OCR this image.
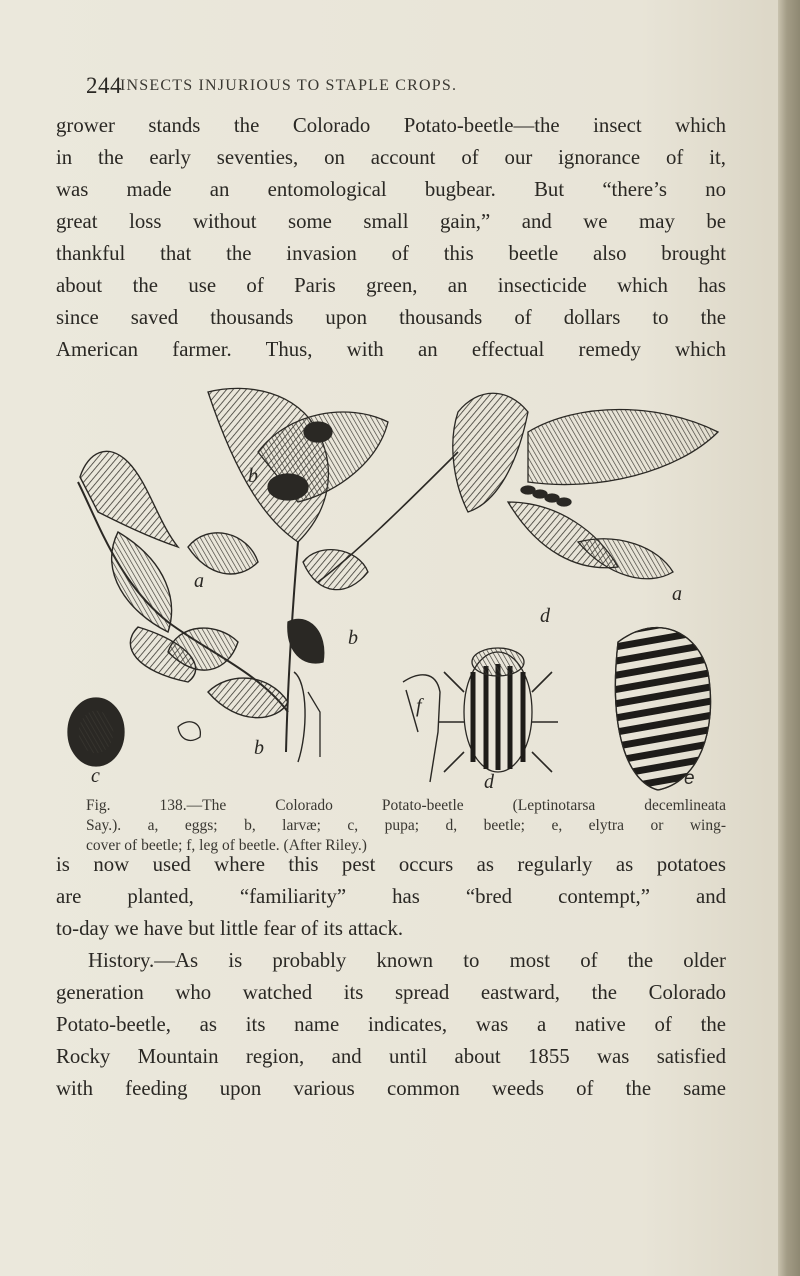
244
INSECTS INJURIOUS TO STAPLE CROPS.
grower stands the Colorado Potato-beetle—the insect which
in the early seventies, on account of our ignorance of it,
was made an entomological bugbear. But “there’s no
great loss without some small gain,” and we may be
thankful that the invasion of this beetle also brought
about the use of Paris green, an insecticide which has
since saved thousands upon thousands of dollars to the
American farmer. Thus, with an effectual remedy which
a
b
b
b
c
d
d
a
e
f
Fig. 138.—The Colorado Potato-beetle (Leptinotarsa decemlineata
Say.). a, eggs; b, larvæ; c, pupa; d, beetle; e, elytra or wing-
cover of beetle; f, leg of beetle. (After Riley.)
is now used where this pest occurs as regularly as potatoes
are planted, “familiarity” has “bred contempt,” and
to-day we have but little fear of its attack.
History.—As is probably known to most of the older
generation who watched its spread eastward, the Colorado
Potato-beetle, as its name indicates, was a native of the
Rocky Mountain region, and until about 1855 was satisfied
with feeding upon various common weeds of the same
